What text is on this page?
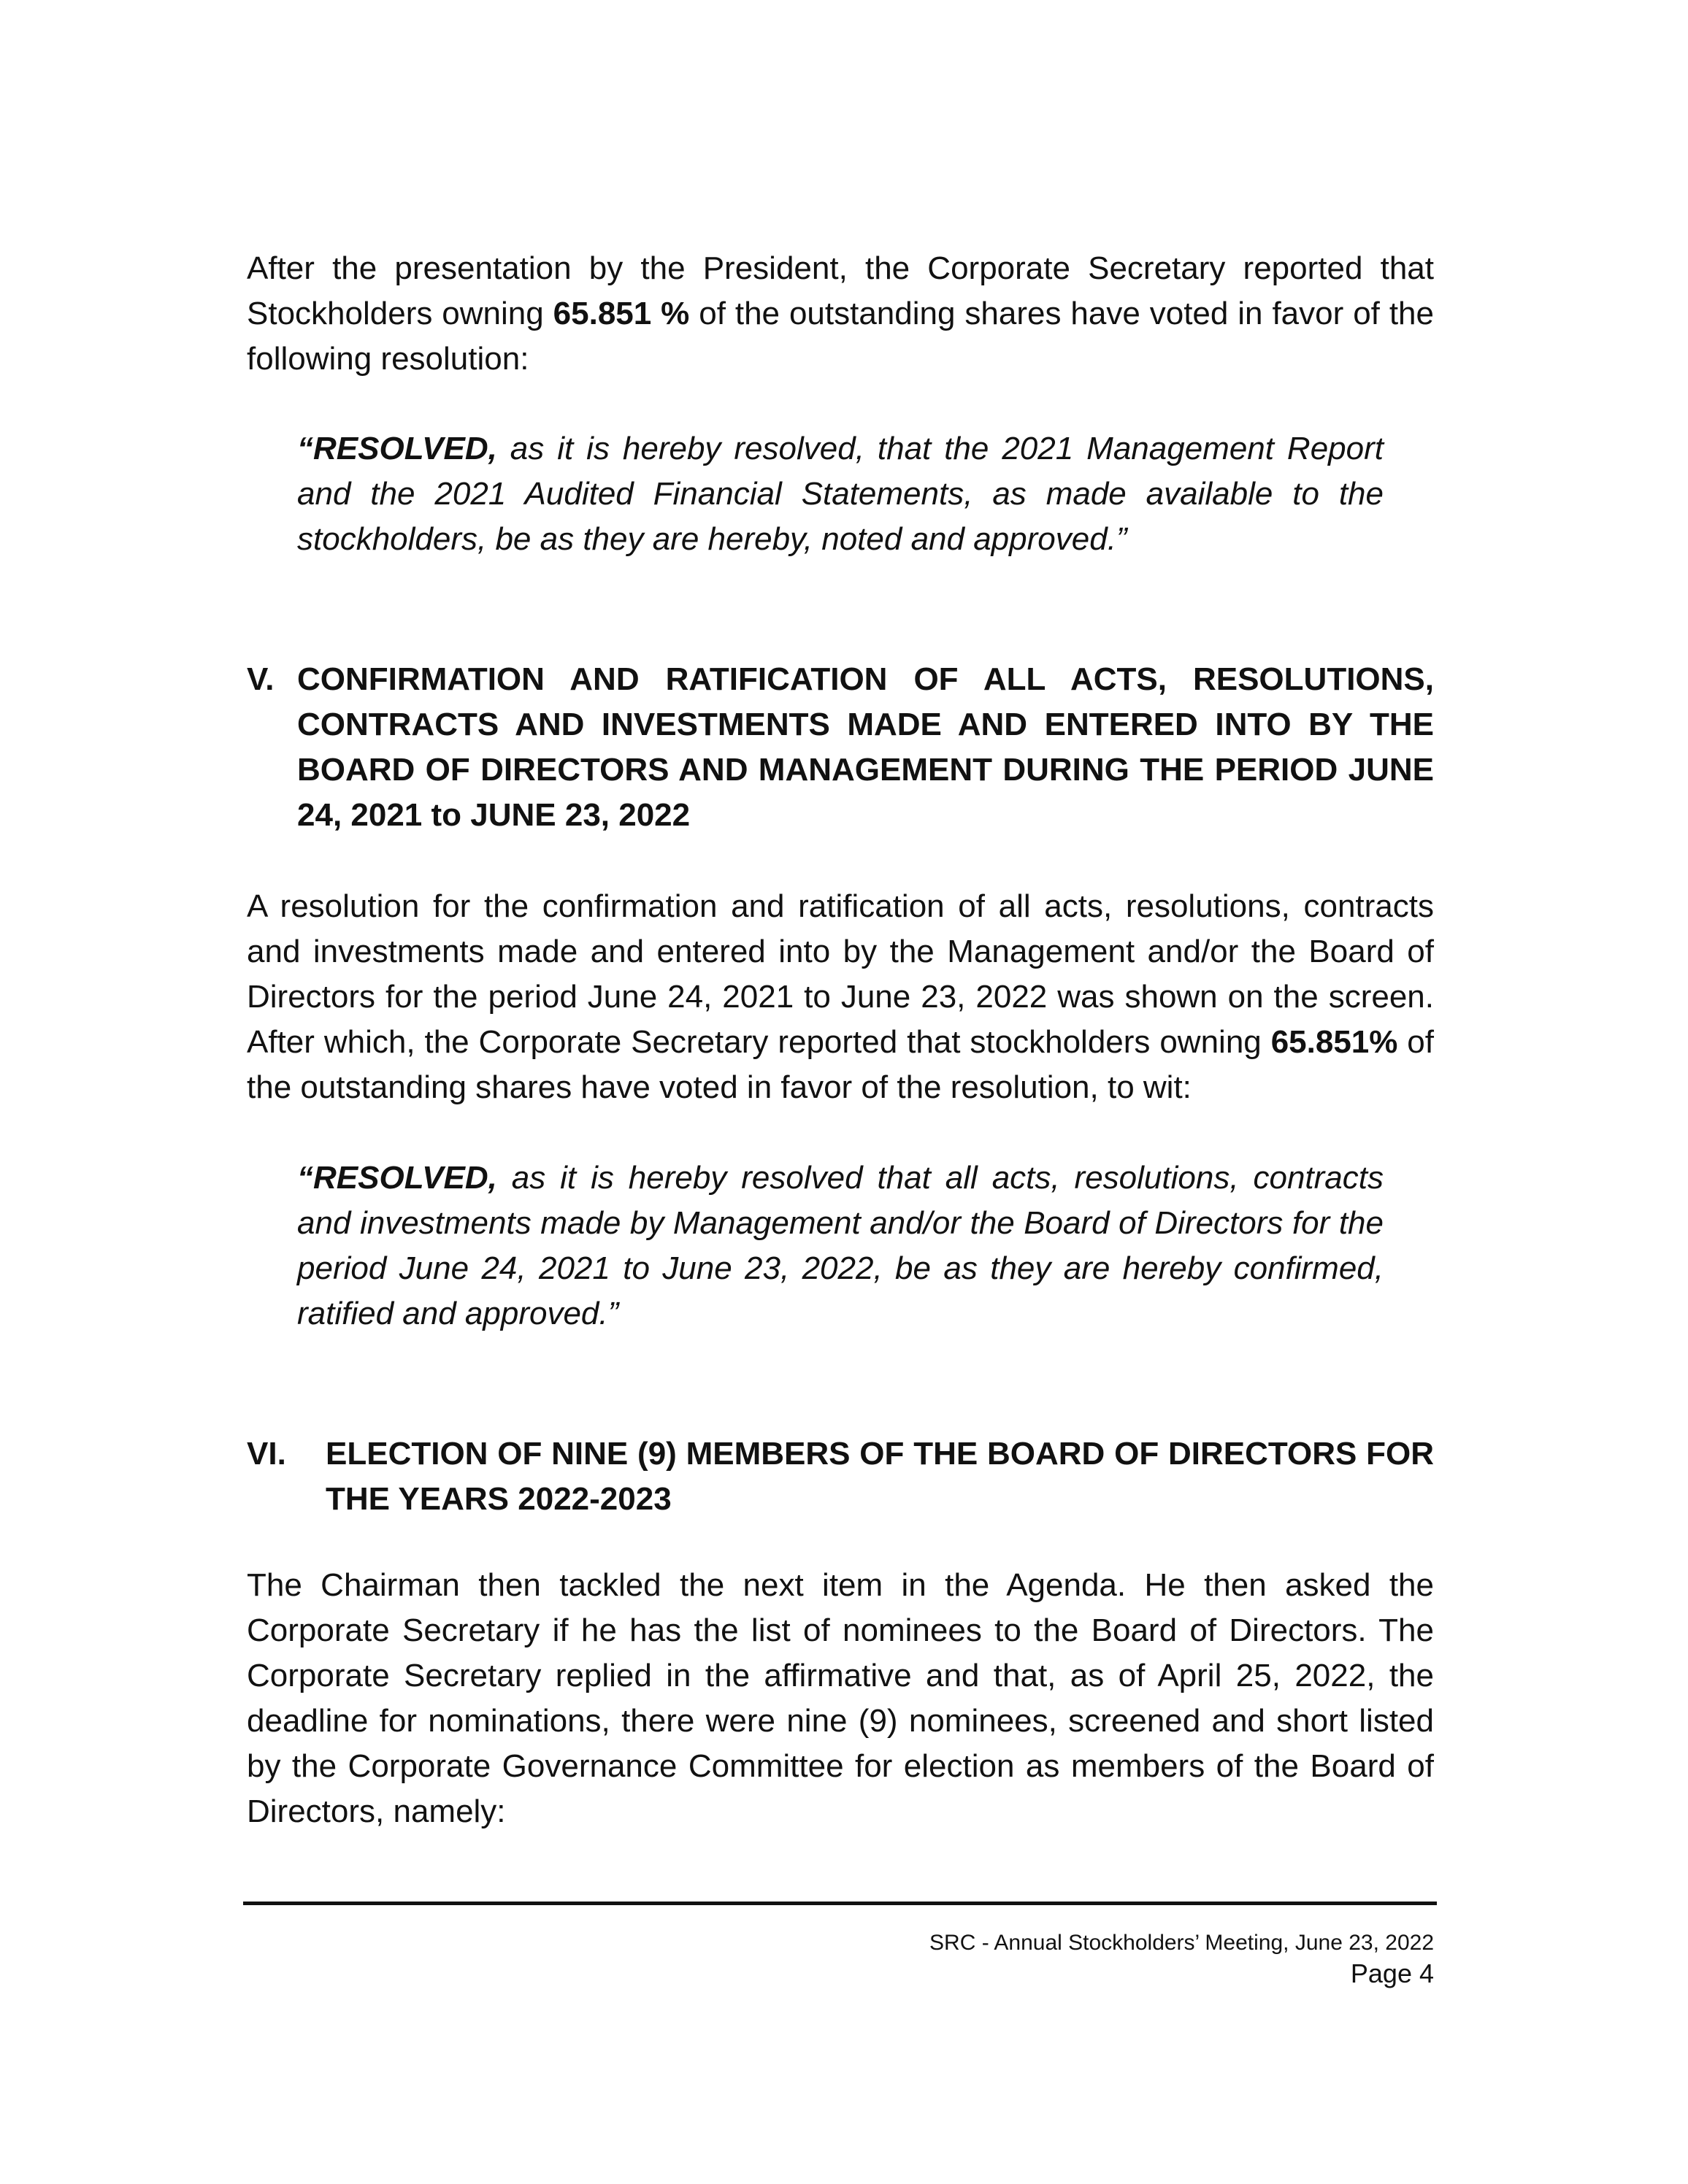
After the presentation by the President, the Corporate Secretary reported that Stockholders owning 65.851 % of the outstanding shares have voted in favor of the following resolution:

“RESOLVED, as it is hereby resolved, that the 2021 Management Report and the 2021 Audited Financial Statements, as made available to the stockholders, be as they are hereby, noted and approved.”

V. CONFIRMATION AND RATIFICATION OF ALL ACTS, RESOLUTIONS, CONTRACTS AND INVESTMENTS MADE AND ENTERED INTO BY THE BOARD OF DIRECTORS AND MANAGEMENT DURING THE PERIOD JUNE 24, 2021 to JUNE 23, 2022

A resolution for the confirmation and ratification of all acts, resolutions, contracts and investments made and entered into by the Management and/or the Board of Directors for the period June 24, 2021 to June 23, 2022 was shown on the screen. After which, the Corporate Secretary reported that stockholders owning 65.851% of the outstanding shares have voted in favor of the resolution, to wit:

“RESOLVED, as it is hereby resolved that all acts, resolutions, contracts and investments made by Management and/or the Board of Directors for the period June 24, 2021 to June 23, 2022, be as they are hereby confirmed, ratified and approved.”

VI. ELECTION OF NINE (9) MEMBERS OF THE BOARD OF DIRECTORS FOR THE YEARS 2022-2023

The Chairman then tackled the next item in the Agenda. He then asked the Corporate Secretary if he has the list of nominees to the Board of Directors. The Corporate Secretary replied in the affirmative and that, as of April 25, 2022, the deadline for nominations, there were nine (9) nominees, screened and short listed by the Corporate Governance Committee for election as members of the Board of Directors, namely:

SRC - Annual Stockholders’ Meeting, June 23, 2022
Page 4
